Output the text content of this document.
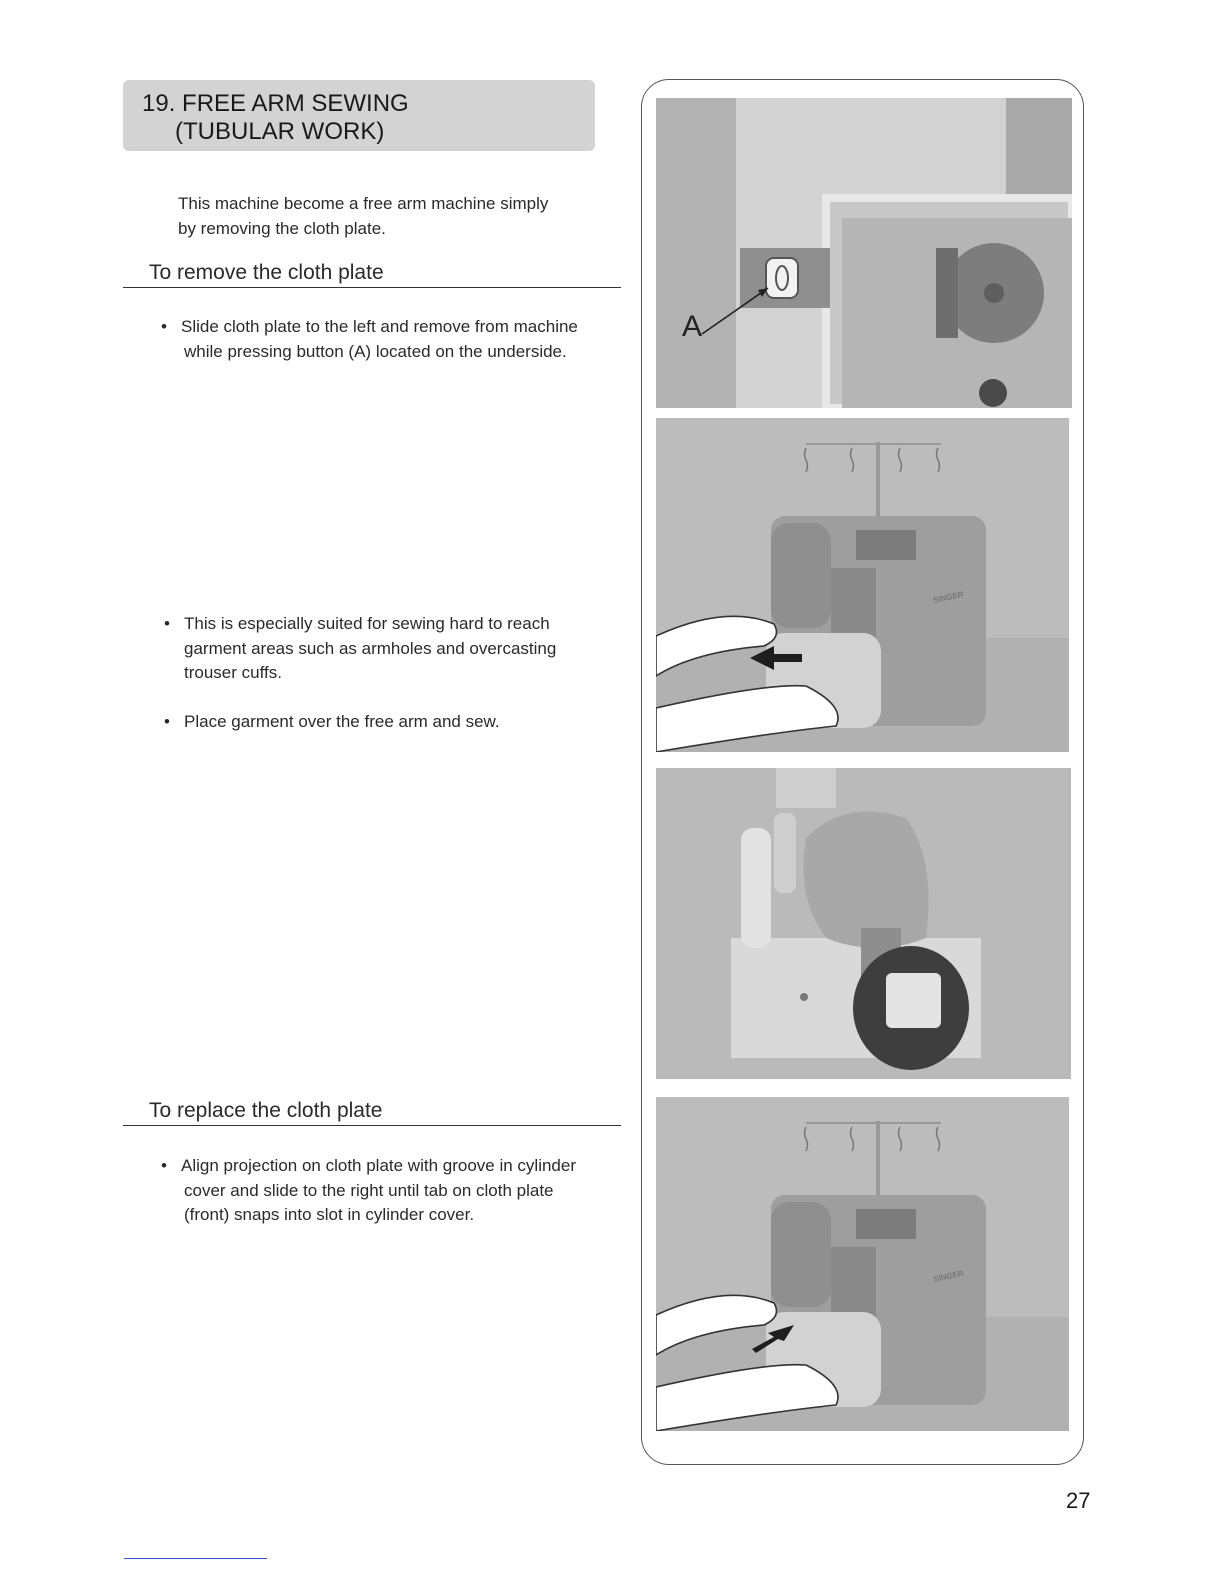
19. FREE ARM SEWING
(TUBULAR WORK)
This machine become a free arm machine simply
by removing the cloth plate.
To remove the cloth plate
• Slide cloth plate to the left and remove from machine
while pressing button (A) located on the underside.
• This is especially suited for sewing hard to reach
garment areas such as armholes and overcasting
trouser cuffs.
• Place garment over the free arm and sew.
To replace the cloth plate
• Align projection on cloth plate with groove in cylinder
cover and slide to the right until tab on cloth plate
(front) snaps into slot in cylinder cover.
A
SINGER
SINGER
27
